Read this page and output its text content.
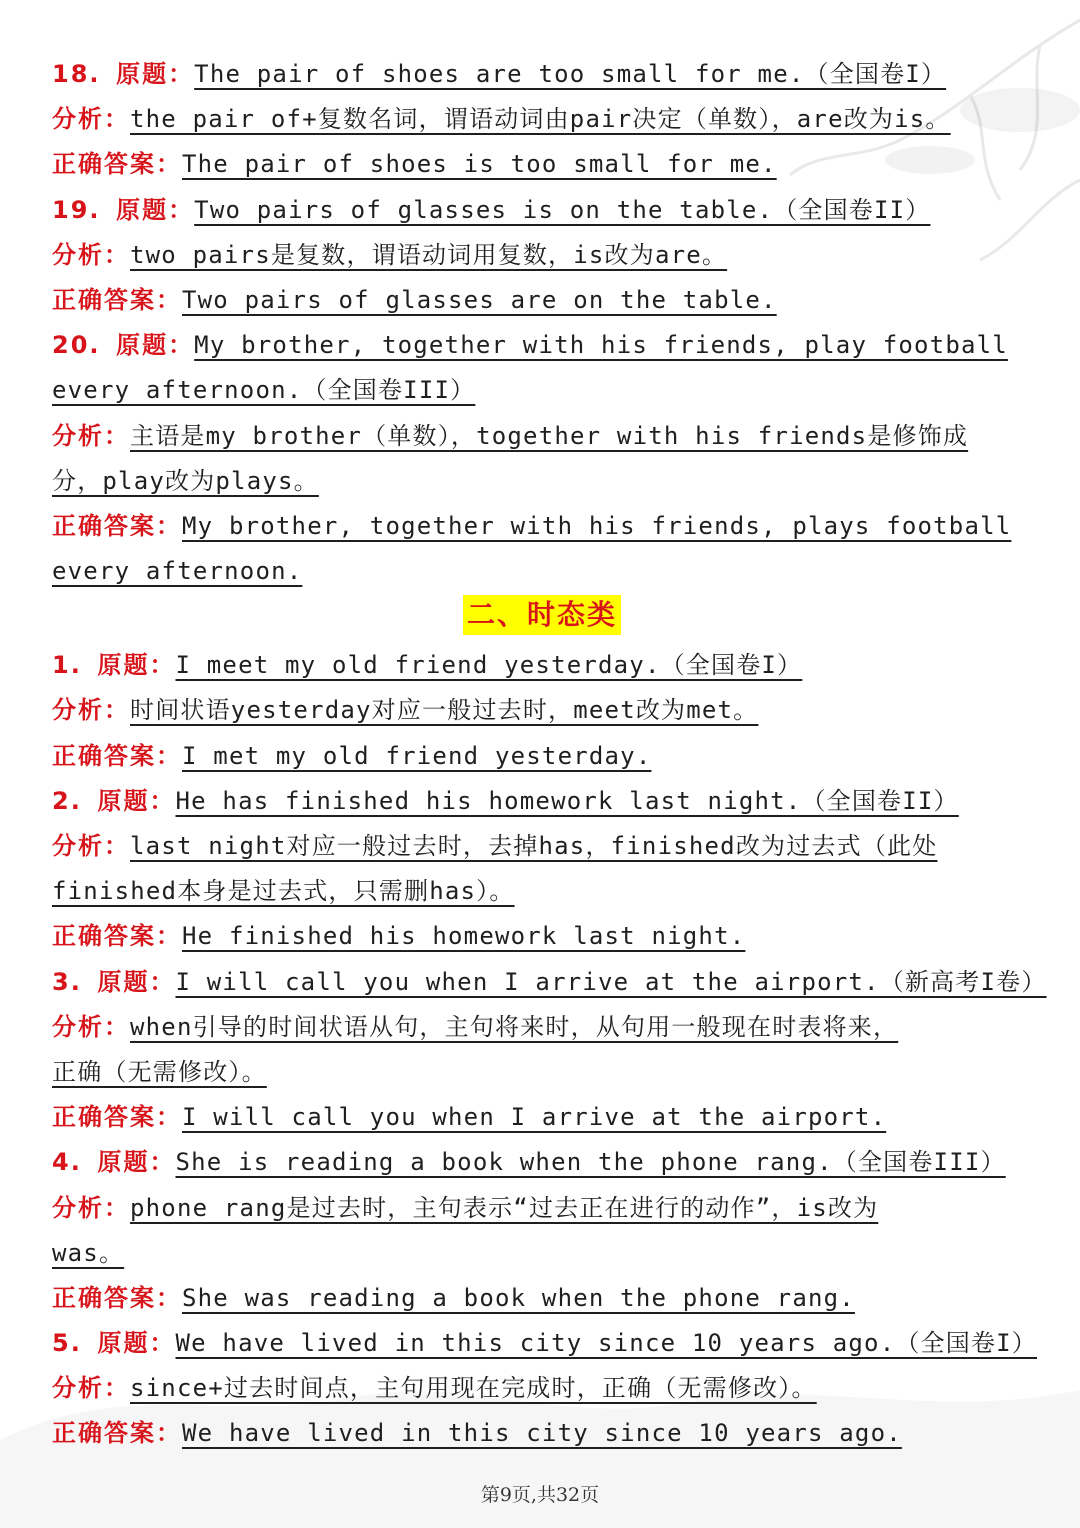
18. 原题：The pair of shoes are too small for me.（全国卷I）
分析：the pair of+复数名词，谓语动词由pair决定（单数），are改为is。
正确答案：The pair of shoes is too small for me.
19. 原题：Two pairs of glasses is on the table.（全国卷II）
分析：two pairs是复数，谓语动词用复数，is改为are。
正确答案：Two pairs of glasses are on the table.
20. 原题：My brother, together with his friends, play football
every afternoon.（全国卷III）
分析：主语是my brother（单数），together with his friends是修饰成
分，play改为plays。
正确答案：My brother, together with his friends, plays football
every afternoon.
二、时态类
1. 原题：I meet my old friend yesterday.（全国卷I）
分析：时间状语yesterday对应一般过去时，meet改为met。
正确答案：I met my old friend yesterday.
2. 原题：He has finished his homework last night.（全国卷II）
分析：last night对应一般过去时，去掉has，finished改为过去式（此处
finished本身是过去式，只需删has）。
正确答案：He finished his homework last night.
3. 原题：I will call you when I arrive at the airport.（新高考I卷）
分析：when引导的时间状语从句，主句将来时，从句用一般现在时表将来，
正确（无需修改）。
正确答案：I will call you when I arrive at the airport.
4. 原题：She is reading a book when the phone rang.（全国卷III）
分析：phone rang是过去时，主句表示“过去正在进行的动作”，is改为
was。
正确答案：She was reading a book when the phone rang.
5. 原题：We have lived in this city since 10 years ago.（全国卷I）
分析：since+过去时间点，主句用现在完成时，正确（无需修改）。
正确答案：We have lived in this city since 10 years ago.
第9页,共32页
